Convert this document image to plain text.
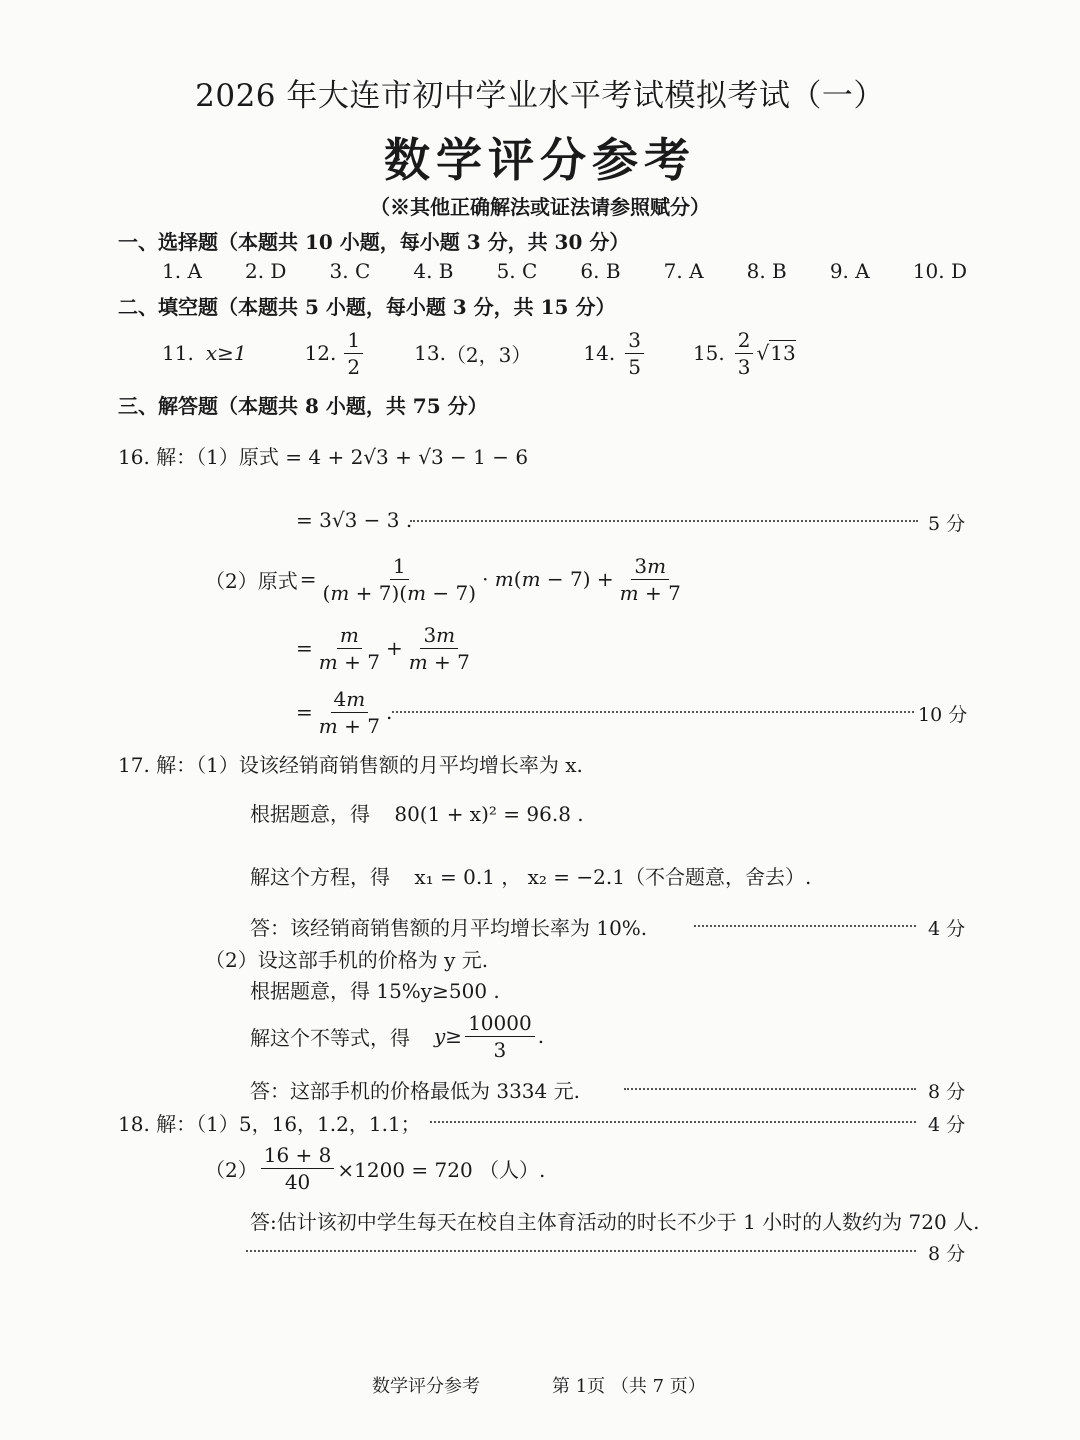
2026 年大连市初中学业水平考试模拟考试（一）
数学评分参考
（※其他正确解法或证法请参照赋分）
一、选择题（本题共 10 小题，每小题 3 分，共 30 分）
1. A 2. D 3. C 4. B 5. C 6. B 7. A 8. B 9. A 10. D
二、填空题（本题共 5 小题，每小题 3 分，共 15 分）
11. x≥1	12. $\frac{1}{2}$	13. （2，3）	14. $\frac{3}{5} 15$. $\frac{2}{3} √13$
三、解答题（本题共 8 小题，共 75 分）
16. 解：（1）原式 = 4 + 2√3 + √3 − 1 − 6
= 3√3 − 3 .	5 分
（2）原式 = $\frac{1}{(m + 7)(m - 7)} \cdot m(m - 7) + \frac{3m}{m + 7}$
= $\frac{m}{m + 7} + \frac{3m}{m + 7}$
= $\frac{4m}{m + 7}$ .	10 分
17. 解：（1）设该经销商销售额的月平均增长率为 x.
根据题意，得 80(1 + x)² = 96.8 .
解这个方程，得 x₁ = 0.1 ， x₂ = −2.1（不合题意，舍去）.
答：该经销商销售额的月平均增长率为 10%.	4 分
（2）设这部手机的价格为 y 元.
根据题意，得 15%y≥500 .
解这个不等式，得 $y\ge \frac{10000}{3}$ .
答：这部手机的价格最低为 3334 元.	8 分
18. 解：（1）5，16，1.2，1.1；	4 分
$(2) \frac{16 + 8}{40} \times 1200 = 720$ （人）.
答:估计该初中学生每天在校自主体育活动的时长不少于 1 小时的人数约为 720 人.
8 分
数学评分参考	第 1页 （共 7 页）
